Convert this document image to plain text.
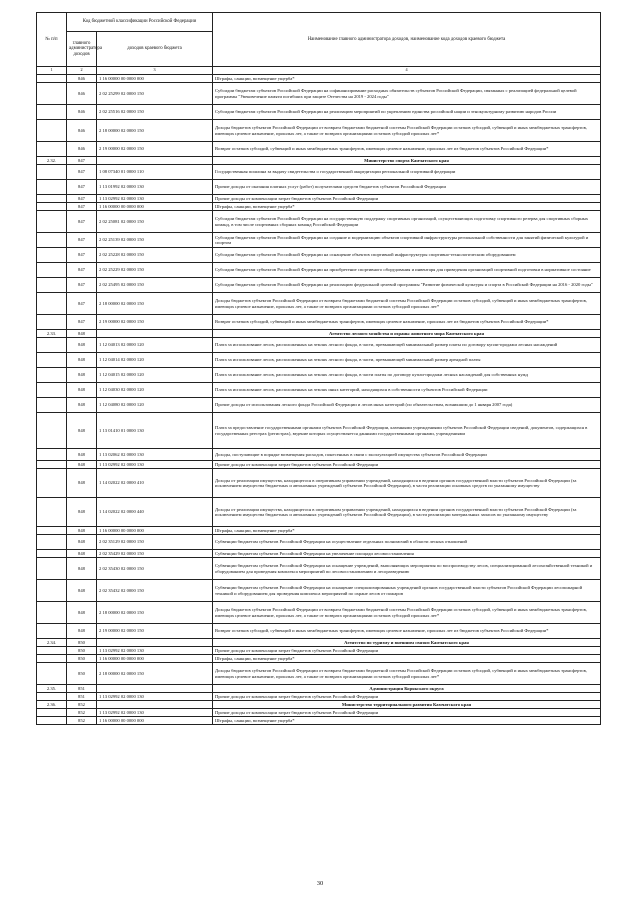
№ п/п	Код бюджетной классификации Российской Федерации		Наименование главного администратора доходов, наименование кода доходов краевого бюджета
	главного администратора доходов	доходов краевого бюджета	
1	2	3	4
	846	1 16 00000 00 0000 000	Штрафы, санкции, возмещение ущерба*
	846	2 02 25299 02 0000 150	Субсидии бюджетам субъектов Российской Федерации на софинансирование расходных обязательств субъектов Российской Федерации, связанных с реализацией федеральной целевой программы "Увековечение памяти погибших при защите Отечества на 2019 - 2024 годы"
	846	2 02 25516 02 0000 150	Субсидии бюджетам субъектов Российской Федерации на реализацию мероприятий по укреплению единства российской нации и этнокультурному развитию народов России
	846	2 18 00000 02 0000 150	Доходы бюджетов субъектов Российской Федерации от возврата бюджетами бюджетной системы Российской Федерации остатков субсидий, субвенций и иных межбюджетных трансфертов, имеющих целевое назначение, прошлых лет, а также от возврата организациями остатков субсидий прошлых лет*
	846	2 19 00000 02 0000 150	Возврат остатков субсидий, субвенций и иных межбюджетных трансфертов, имеющих целевое назначение, прошлых лет из бюджетов субъектов Российской Федерации*
2.32.	847		Министерство спорта Камчатского края
	847	1 08 07340 01 0000 110	Государственная пошлина за выдачу свидетельства о государственной аккредитации региональной спортивной федерации
	847	1 13 01992 02 0000 130	Прочие доходы от оказания платных услуг (работ) получателями средств бюджетов субъектов Российской Федерации
	847	1 13 02992 02 0000 130	Прочие доходы от компенсации затрат бюджетов субъектов Российской Федерации
	847	1 16 00000 00 0000 000	Штрафы, санкции, возмещение ущерба*
	847	2 02 25081 02 0000 150	Субсидии бюджетам субъектов Российской Федерации на государственную поддержку спортивных организаций, осуществляющих подготовку спортивного резерва для спортивных сборных команд, в том числе спортивных сборных команд Российской Федерации
	847	2 02 25139 02 0000 150	Субсидии бюджетам субъектов Российской Федерации на создание и модернизацию объектов спортивной инфраструктуры региональной собственности для занятий физической культурой и спортом
	847	2 02 25228 02 0000 150	Субсидии бюджетам субъектов Российской Федерации на оснащение объектов спортивной инфраструктуры спортивно-технологическим оборудованием
	847	2 02 25229 02 0000 150	Субсидии бюджетам субъектов Российской Федерации на приобретение спортивного оборудования и инвентаря для приведения организаций спортивной подготовки в нормативное состояние
	847	2 02 25495 02 0000 150	Субсидии бюджетам субъектов Российской Федерации на реализацию федеральной целевой программы "Развитие физической культуры и спорта в Российской Федерации на 2016 - 2020 годы"
	847	2 18 00000 02 0000 150	Доходы бюджетов субъектов Российской Федерации от возврата бюджетами бюджетной системы Российской Федерации остатков субсидий, субвенций и иных межбюджетных трансфертов, имеющих целевое назначение, прошлых лет, а также от возврата организациями остатков субсидий прошлых лет*
	847	2 19 00000 02 0000 150	Возврат остатков субсидий, субвенций и иных межбюджетных трансфертов, имеющих целевое назначение, прошлых лет из бюджетов субъектов Российской Федерации*
2.33.	848		Агентство лесного хозяйства и охраны животного мира Камчатского края
	848	1 12 04013 02 0000 120	Плата за использование лесов, расположенных на землях лесного фонда, в части, превышающей минимальный размер платы по договору купли-продажи лесных насаждений
	848	1 12 04014 02 0000 120	Плата за использование лесов, расположенных на землях лесного фонда, в части, превышающей минимальный размер арендной платы
	848	1 12 04015 02 0000 120	Плата за использование лесов, расположенных на землях лесного фонда, в части платы по договору купли-продажи лесных насаждений для собственных нужд
	848	1 12 04030 02 0000 120	Плата за использование лесов, расположенных на землях иных категорий, находящихся в собственности субъектов Российской Федерации
	848	1 12 04080 02 0000 120	Прочие доходы от использования лесного фонда Российской Федерации и лесов иных категорий (по обязательствам, возникшим до 1 января 2007 года)
	848	1 13 01410 01 0000 130	Плата за предоставление государственными органами субъектов Российской Федерации, казенными учреждениями субъектов Российской Федерации сведений, документов, содержащихся в государственных реестрах (регистрах), ведение которых осуществляется данными государственными органами, учреждениями
	848	1 13 02062 02 0000 130	Доходы, поступающие в порядке возмещения расходов, понесенных в связи с эксплуатацией имущества субъектов Российской Федерации
	848	1 13 02992 02 0000 130	Прочие доходы от компенсации затрат бюджетов субъектов Российской Федерации
	848	1 14 02022 02 0000 410	Доходы от реализации имущества, находящегося в оперативном управлении учреждений, находящихся в ведении органов государственной власти субъектов Российской Федерации (за исключением имущества бюджетных и автономных учреждений субъектов Российской Федерации), в части реализации основных средств по указанному имуществу
	848	1 14 02022 02 0000 440	Доходы от реализации имущества, находящегося в оперативном управлении учреждений, находящихся в ведении органов государственной власти субъектов Российской Федерации (за исключением имущества бюджетных и автономных учреждений субъектов Российской Федерации), в части реализации материальных запасов по указанному имуществу
	848	1 16 00000 00 0000 000	Штрафы, санкции, возмещение ущерба*
	848	2 02 35129 02 0000 150	Субвенции бюджетам субъектов Российской Федерации на осуществление отдельных полномочий в области лесных отношений
	848	2 02 35429 02 0000 150	Субвенции бюджетам субъектов Российской Федерации на увеличение площади лесовосстановления
	848	2 02 35430 02 0000 150	Субвенции бюджетам субъектов Российской Федерации на оснащение учреждений, выполняющих мероприятия по воспроизводству лесов, специализированной лесохозяйственной техникой и оборудованием для проведения комплекса мероприятий по лесовосстановлению и лесоразведению
	848	2 02 35432 02 0000 150	Субвенции бюджетам субъектов Российской Федерации на оснащение специализированных учреждений органов государственной власти субъектов Российской Федерации лесопожарной техникой и оборудованием для проведения комплекса мероприятий по охране лесов от пожаров
	848	2 18 00000 02 0000 150	Доходы бюджетов субъектов Российской Федерации от возврата бюджетами бюджетной системы Российской Федерации остатков субсидий, субвенций и иных межбюджетных трансфертов, имеющих целевое назначение, прошлых лет, а также от возврата организациями остатков субсидий прошлых лет*
	848	2 19 00000 02 0000 150	Возврат остатков субсидий, субвенций и иных межбюджетных трансфертов, имеющих целевое назначение, прошлых лет из бюджетов субъектов Российской Федерации*
2.34.	850		Агентство по туризму и внешним связям Камчатского края
	850	1 13 02992 02 0000 130	Прочие доходы от компенсации затрат бюджетов субъектов Российской Федерации
	850	1 16 00000 00 0000 000	Штрафы, санкции, возмещение ущерба*
	850	2 18 00000 02 0000 150	Доходы бюджетов субъектов Российской Федерации от возврата бюджетами бюджетной системы Российской Федерации остатков субсидий, субвенций и иных межбюджетных трансфертов, имеющих целевое назначение, прошлых лет, а также от возврата организациями остатков субсидий прошлых лет*
2.35.	851		Администрация Корякского округа
	851	1 13 02992 02 0000 130	Прочие доходы от компенсации затрат бюджетов субъектов Российской Федерации
2.36.	852		Министерство территориального развития Камчатского края
	852	1 13 02992 02 0000 130	Прочие доходы от компенсации затрат бюджетов субъектов Российской Федерации
	852	1 16 00000 00 0000 000	Штрафы, санкции, возмещение ущерба*
30
